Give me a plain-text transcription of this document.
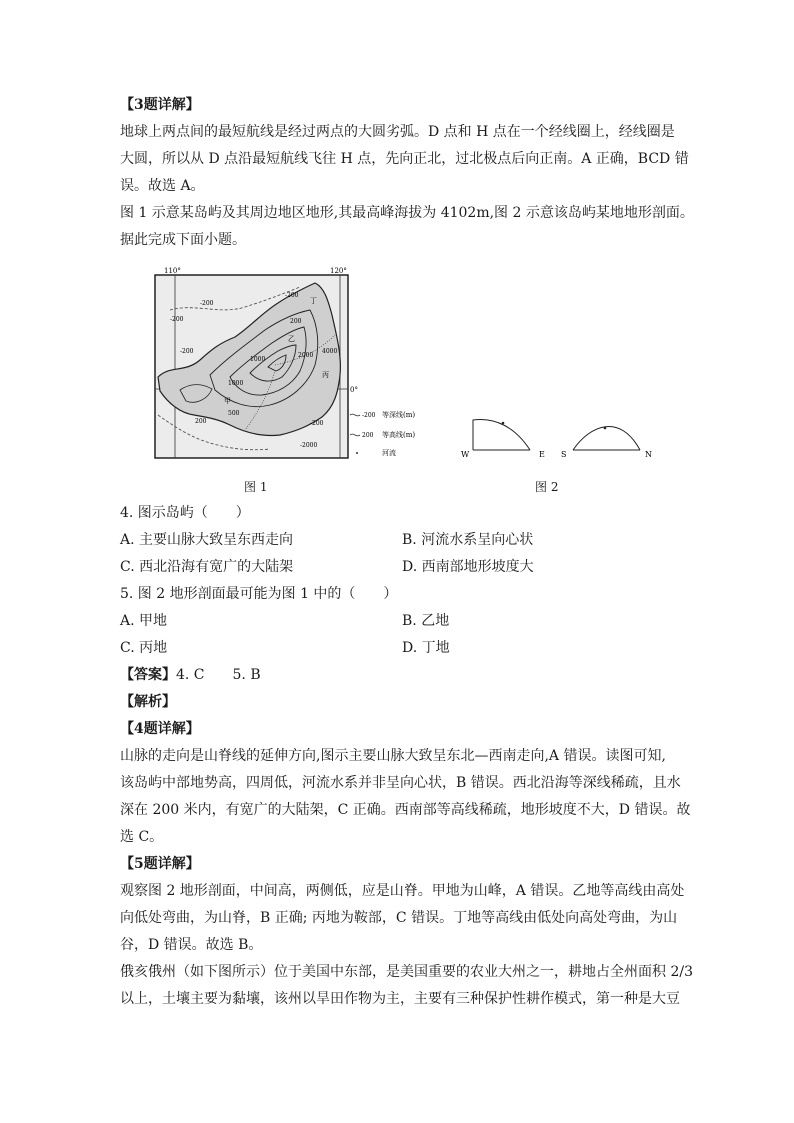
【3题详解】
地球上两点间的最短航线是经过两点的大圆劣弧。D 点和 H 点在一个经线圈上，经线圈是
大圆，所以从 D 点沿最短航线飞往 H 点，先向正北，过北极点后向正南。A 正确，BCD 错
误。故选 A。
图 1 示意某岛屿及其周边地区地形,其最高峰海拔为 4102m,图 2 示意该岛屿某地地形剖面。
据此完成下面小题。
110°	120°
0°
-200
-200
-200
-200
-200
200
200
500
1000
1000
2000
4000
-2000
丁
乙
丙
甲
-200 等深线(m)
200 等高线(m)
河流
图 1
W	E S	N
图 2
4. 图示岛屿（　　）
A. 主要山脉大致呈东西走向	B. 河流水系呈向心状
C. 西北沿海有宽广的大陆架	D. 西南部地形坡度大
5. 图 2 地形剖面最可能为图 1 中的（　　）
A. 甲地	B. 乙地
C. 丙地	D. 丁地
【答案】4. C　　5. B
【解析】
【4题详解】
山脉的走向是山脊线的延伸方向,图示主要山脉大致呈东北—西南走向,A 错误。读图可知,
该岛屿中部地势高，四周低，河流水系并非呈向心状，B 错误。西北沿海等深线稀疏，且水
深在 200 米内，有宽广的大陆架，C 正确。西南部等高线稀疏，地形坡度不大，D 错误。故
选 C。
【5题详解】
观察图 2 地形剖面，中间高，两侧低，应是山脊。甲地为山峰，A 错误。乙地等高线由高处
向低处弯曲，为山脊，B 正确; 丙地为鞍部，C 错误。丁地等高线由低处向高处弯曲，为山
谷，D 错误。故选 B。
俄亥俄州（如下图所示）位于美国中东部，是美国重要的农业大州之一，耕地占全州面积 2/3
以上，土壤主要为黏壤，该州以旱田作物为主，主要有三种保护性耕作模式，第一种是大豆
